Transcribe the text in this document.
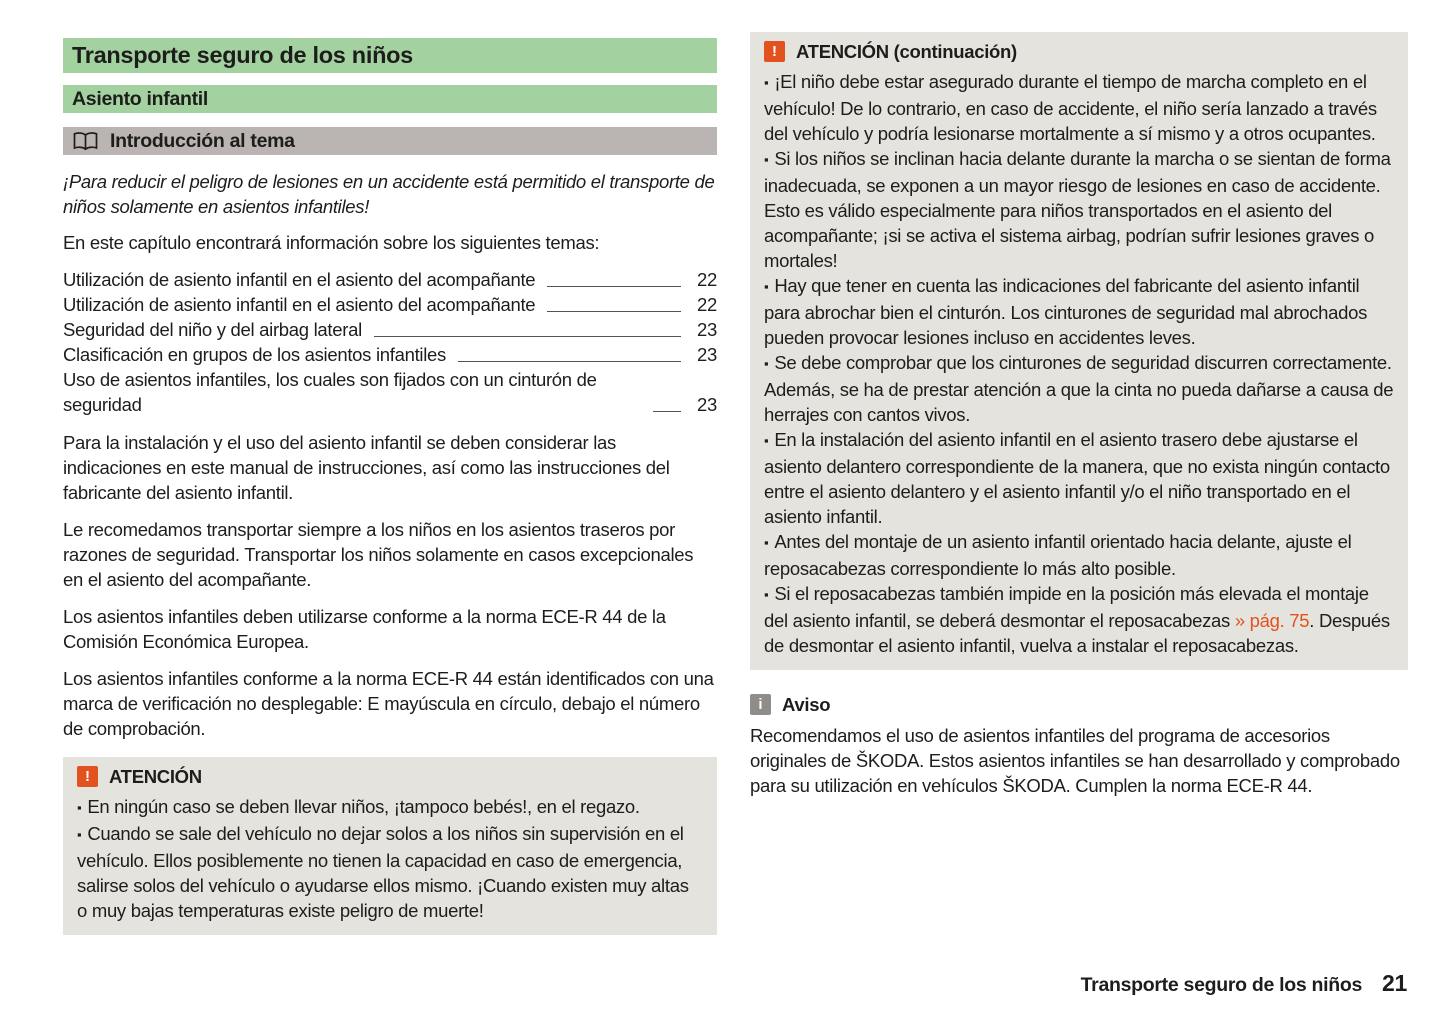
Transporte seguro de los niños
Asiento infantil
Introducción al tema

¡Para reducir el peligro de lesiones en un accidente está permitido el transporte de niños solamente en asientos infantiles!

En este capítulo encontrará información sobre los siguientes temas:

Utilización de asiento infantil en el asiento del acompañante	22
Utilización de asiento infantil en el asiento del acompañante	22
Seguridad del niño y del airbag lateral	23
Clasificación en grupos de los asientos infantiles	23
Uso de asientos infantiles, los cuales son fijados con un cinturón de seguridad	23

Para la instalación y el uso del asiento infantil se deben considerar las indicaciones en este manual de instrucciones, así como las instrucciones del fabricante del asiento infantil.

Le recomedamos transportar siempre a los niños en los asientos traseros por razones de seguridad. Transportar los niños solamente en casos excepcionales en el asiento del acompañante.

Los asientos infantiles deben utilizarse conforme a la norma ECE-R 44 de la Comisión Económica Europea.

Los asientos infantiles conforme a la norma ECE-R 44 están identificados con una marca de verificación no desplegable: E mayúscula en círculo, debajo el número de comprobación.

! ATENCIÓN

▪ En ningún caso se deben llevar niños, ¡tampoco bebés!, en el regazo.

▪ Cuando se sale del vehículo no dejar solos a los niños sin supervisión en el vehículo. Ellos posiblemente no tienen la capacidad en caso de emergencia, salirse solos del vehículo o ayudarse ellos mismo. ¡Cuando existen muy altas o muy bajas temperaturas existe peligro de muerte!

! ATENCIÓN (continuación)

▪ ¡El niño debe estar asegurado durante el tiempo de marcha completo en el vehículo! De lo contrario, en caso de accidente, el niño sería lanzado a través del vehículo y podría lesionarse mortalmente a sí mismo y a otros ocupantes.

▪ Si los niños se inclinan hacia delante durante la marcha o se sientan de forma inadecuada, se exponen a un mayor riesgo de lesiones en caso de accidente. Esto es válido especialmente para niños transportados en el asiento del acompañante; ¡si se activa el sistema airbag, podrían sufrir lesiones graves o mortales!

▪ Hay que tener en cuenta las indicaciones del fabricante del asiento infantil para abrochar bien el cinturón. Los cinturones de seguridad mal abrochados pueden provocar lesiones incluso en accidentes leves.

▪ Se debe comprobar que los cinturones de seguridad discurren correctamente. Además, se ha de prestar atención a que la cinta no pueda dañarse a causa de herrajes con cantos vivos.

▪ En la instalación del asiento infantil en el asiento trasero debe ajustarse el asiento delantero correspondiente de la manera, que no exista ningún contacto entre el asiento delantero y el asiento infantil y/o el niño transportado en el asiento infantil.

▪ Antes del montaje de un asiento infantil orientado hacia delante, ajuste el reposacabezas correspondiente lo más alto posible.

▪ Si el reposacabezas también impide en la posición más elevada el montaje del asiento infantil, se deberá desmontar el reposacabezas » pág. 75. Después de desmontar el asiento infantil, vuelva a instalar el reposacabezas.

i Aviso

Recomendamos el uso de asientos infantiles del programa de accesorios originales de ŠKODA. Estos asientos infantiles se han desarrollado y comprobado para su utilización en vehículos ŠKODA. Cumplen la norma ECE-R 44.

Transporte seguro de los niños 21
